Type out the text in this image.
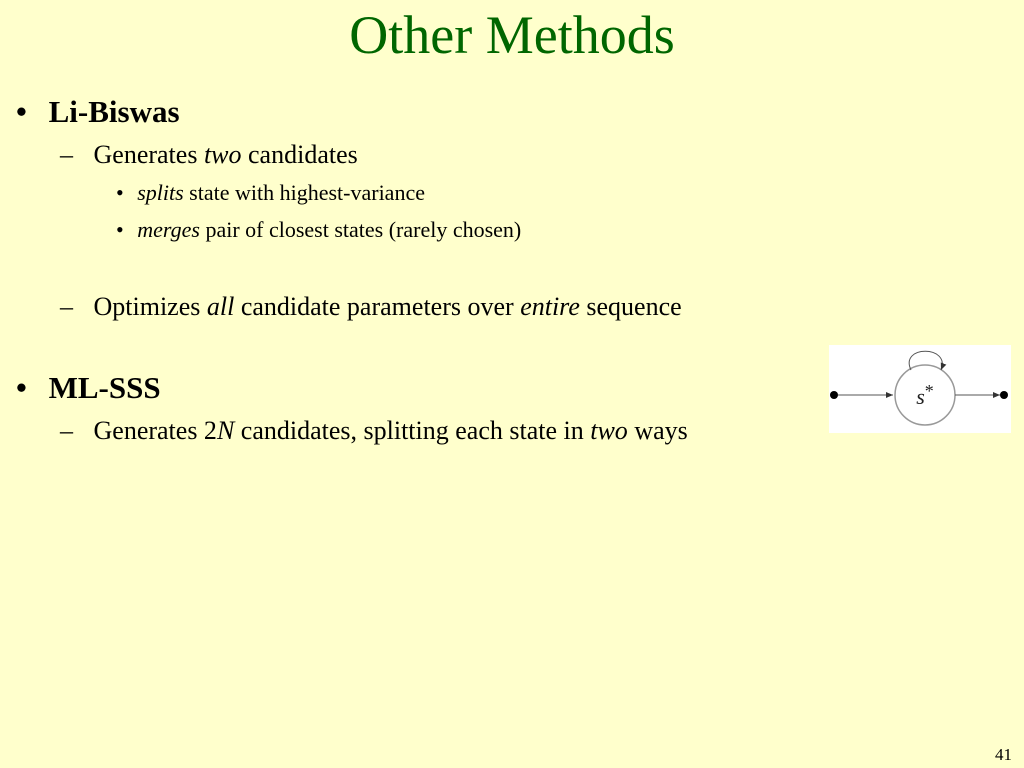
Other Methods
• Li-Biswas
– Generates two candidates
• splits state with highest-variance
• merges pair of closest states (rarely chosen)
– Optimizes all candidate parameters over entire sequence
• ML-SSS
– Generates 2N candidates, splitting each state in two ways
s*
41
